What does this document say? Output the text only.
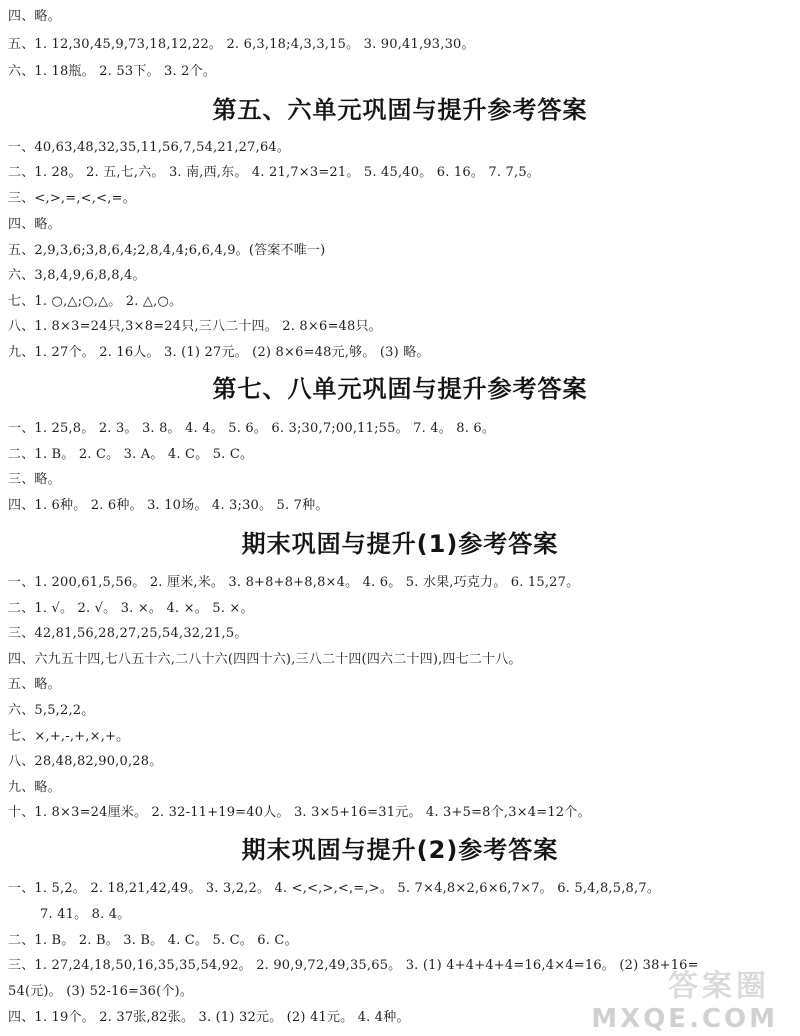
四、略。
五、1. 12,30,45,9,73,18,12,22。 2. 6,3,18;4,3,3,15。 3. 90,41,93,30。
六、1. 18瓶。 2. 53下。 3. 2个。
第五、六单元巩固与提升参考答案
一、40,63,48,32,35,11,56,7,54,21,27,64。
二、1. 28。 2. 五,七,六。 3. 南,西,东。 4. 21,7×3=21。 5. 45,40。 6. 16。 7. 7,5。
三、<,>,=,<,<,=。
四、略。
五、2,9,3,6;3,8,6,4;2,8,4,4;6,6,4,9。(答案不唯一)
六、3,8,4,9,6,8,8,4。
七、1. ○,△;○,△。 2. △,○。
八、1. 8×3=24只,3×8=24只,三八二十四。 2. 8×6=48只。
九、1. 27个。 2. 16人。 3. (1) 27元。 (2) 8×6=48元,够。 (3) 略。
第七、八单元巩固与提升参考答案
一、1. 25,8。 2. 3。 3. 8。 4. 4。 5. 6。 6. 3;30,7;00,11;55。 7. 4。 8. 6。
二、1. B。 2. C。 3. A。 4. C。 5. C。
三、略。
四、1. 6种。 2. 6种。 3. 10场。 4. 3;30。 5. 7种。
期末巩固与提升(1)参考答案
一、1. 200,61,5,56。 2. 厘米,米。 3. 8+8+8+8,8×4。 4. 6。 5. 水果,巧克力。 6. 15,27。
二、1. √。 2. √。 3. ×。 4. ×。 5. ×。
三、42,81,56,28,27,25,54,32,21,5。
四、六九五十四,七八五十六,二八十六(四四十六),三八二十四(四六二十四),四七二十八。
五、略。
六、5,5,2,2。
七、×,+,-,+,×,+。
八、28,48,82,90,0,28。
九、略。
十、1. 8×3=24厘米。 2. 32-11+19=40人。 3. 3×5+16=31元。 4. 3+5=8个,3×4=12个。
期末巩固与提升(2)参考答案
一、1. 5,2。 2. 18,21,42,49。 3. 3,2,2。 4. <,<,>,<,=,>。 5. 7×4,8×2,6×6,7×7。 6. 5,4,8,5,8,7。
7. 41。 8. 4。
二、1. B。 2. B。 3. B。 4. C。 5. C。 6. C。
三、1. 27,24,18,50,16,35,35,54,92。 2. 90,9,72,49,35,65。 3. (1) 4+4+4+4=16,4×4=16。 (2) 38+16=
54(元)。 (3) 52-16=36(个)。
四、1. 19个。 2. 37张,82张。 3. (1) 32元。 (2) 41元。 4. 4种。
答案圈
MXQE.COM
